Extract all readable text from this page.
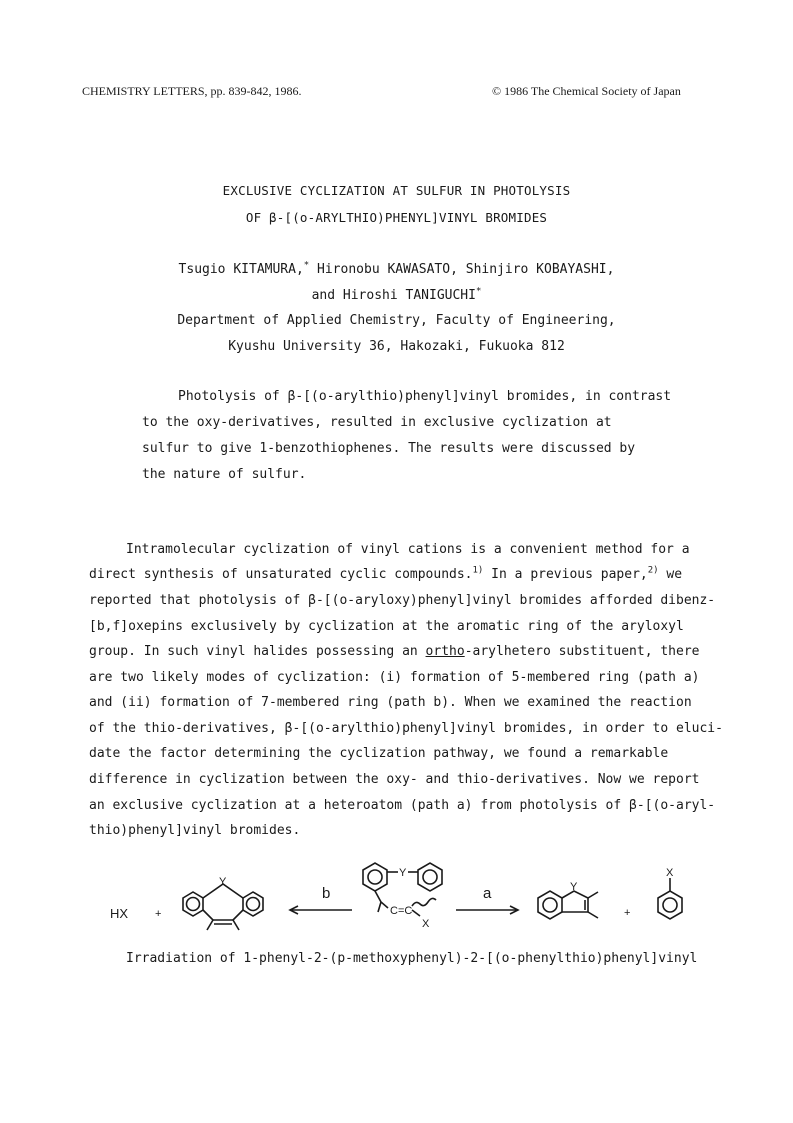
CHEMISTRY LETTERS, pp. 839-842, 1986.	© 1986 The Chemical Society of Japan
EXCLUSIVE CYCLIZATION AT SULFUR IN PHOTOLYSIS
OF β-[(o-ARYLTHIO)PHENYL]VINYL BROMIDES
Tsugio KITAMURA,* Hironobu KAWASATO, Shinjiro KOBAYASHI,
and Hiroshi TANIGUCHI*
Department of Applied Chemistry, Faculty of Engineering,
Kyushu University 36, Hakozaki, Fukuoka 812
Photolysis of β-[(o-arylthio)phenyl]vinyl bromides, in contrast
to the oxy-derivatives, resulted in exclusive cyclization at
sulfur to give 1-benzothiophenes. The results were discussed by
the nature of sulfur.
Intramolecular cyclization of vinyl cations is a convenient method for a
direct synthesis of unsaturated cyclic compounds.$^{1)}$ In a previous paper,$^{2)}$ we
reported that photolysis of β-[(o-aryloxy)phenyl]vinyl bromides afforded dibenz-
[b,f]oxepins exclusively by cyclization at the aromatic ring of the aryloxyl
group. In such vinyl halides possessing an ortho-arylhetero substituent, there
are two likely modes of cyclization: (i) formation of 5-membered ring (path a)
and (ii) formation of 7-membered ring (path b). When we examined the reaction
of the thio-derivatives, β-[(o-arylthio)phenyl]vinyl bromides, in order to eluci-
date the factor determining the cyclization pathway, we found a remarkable
difference in cyclization between the oxy- and thio-derivatives. Now we report
an exclusive cyclization at a heteroatom (path a) from photolysis of β-[(o-aryl-
thio)phenyl]vinyl bromides.
HX +
Y
b
Y
C=C
X
a	Y
+
X
Irradiation of 1-phenyl-2-(p-methoxyphenyl)-2-[(o-phenylthio)phenyl]vinyl
